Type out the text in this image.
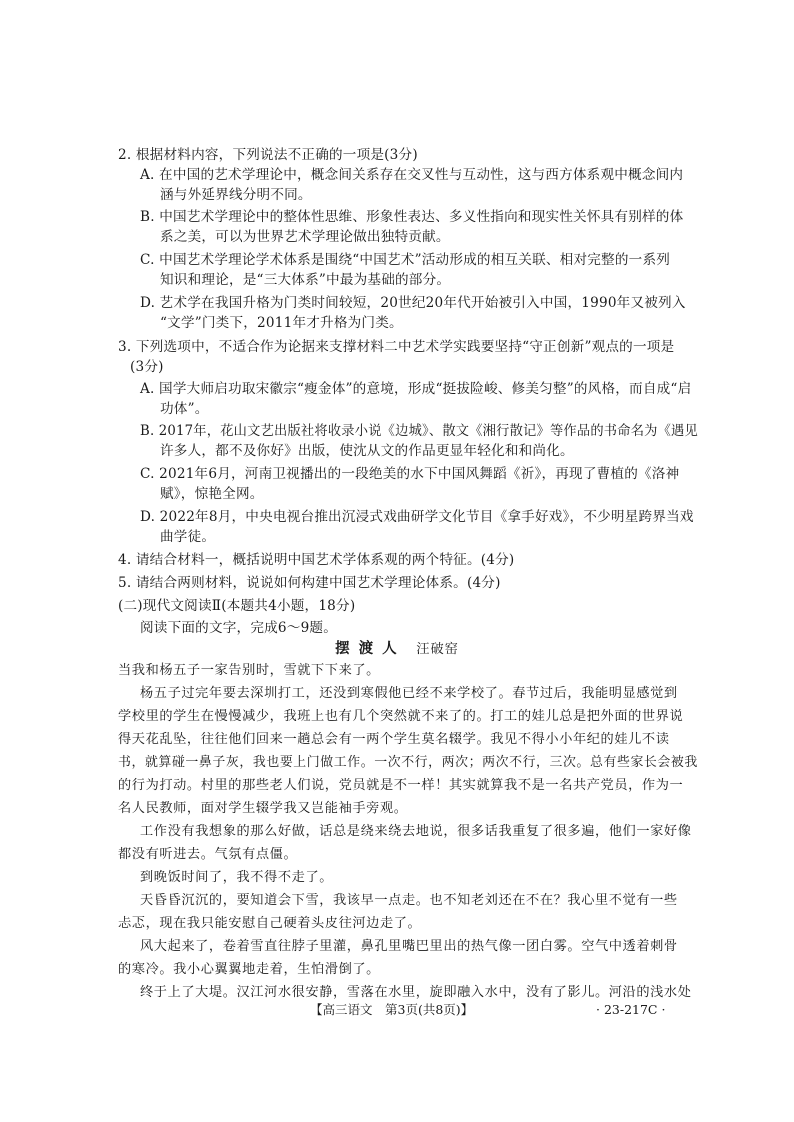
2. 根据材料内容，下列说法不正确的一项是(3分)
A. 在中国的艺术学理论中，概念间关系存在交叉性与互动性，这与西方体系观中概念间内
涵与外延界线分明不同。
B. 中国艺术学理论中的整体性思维、形象性表达、多义性指向和现实性关怀具有别样的体
系之美，可以为世界艺术学理论做出独特贡献。
C. 中国艺术学理论学术体系是围绕“中国艺术”活动形成的相互关联、相对完整的一系列
知识和理论，是“三大体系”中最为基础的部分。
D. 艺术学在我国升格为门类时间较短，20世纪20年代开始被引入中国，1990年又被列入
“文学”门类下，2011年才升格为门类。
3. 下列选项中，不适合作为论据来支撑材料二中艺术学实践要坚持“守正创新”观点的一项是
(3分)
A. 国学大师启功取宋徽宗“瘦金体”的意境，形成“挺拔险峻、修美匀整”的风格，而自成“启
功体”。
B. 2017年，花山文艺出版社将收录小说《边城》、散文《湘行散记》等作品的书命名为《遇见
许多人，都不及你好》出版，使沈从文的作品更显年轻化和和尚化。
C. 2021年6月，河南卫视播出的一段绝美的水下中国风舞蹈《祈》，再现了曹植的《洛神
赋》，惊艳全网。
D. 2022年8月，中央电视台推出沉浸式戏曲研学文化节目《拿手好戏》，不少明星跨界当戏
曲学徒。
4. 请结合材料一，概括说明中国艺术学体系观的两个特征。(4分)
5. 请结合两则材料，说说如何构建中国艺术学理论体系。(4分)
(二)现代文阅读Ⅱ(本题共4小题，18分)
阅读下面的文字，完成6～9题。
摆渡人 汪破窑
当我和杨五子一家告别时，雪就下下来了。
杨五子过完年要去深圳打工，还没到寒假他已经不来学校了。春节过后，我能明显感觉到
学校里的学生在慢慢减少，我班上也有几个突然就不来了的。打工的娃儿总是把外面的世界说
得天花乱坠，往往他们回来一趟总会有一两个学生莫名辍学。我见不得小小年纪的娃儿不读
书，就算碰一鼻子灰，我也要上门做工作。一次不行，两次；两次不行，三次。总有些家长会被我
的行为打动。村里的那些老人们说，党员就是不一样！其实就算我不是一名共产党员，作为一
名人民教师，面对学生辍学我又岂能袖手旁观。
工作没有我想象的那么好做，话总是绕来绕去地说，很多话我重复了很多遍，他们一家好像
都没有听进去。气氛有点僵。
到晚饭时间了，我不得不走了。
天昏昏沉沉的，要知道会下雪，我该早一点走。也不知老刘还在不在？我心里不觉有一些
忐忑，现在我只能安慰自己硬着头皮往河边走了。
风大起来了，卷着雪直往脖子里灌，鼻孔里嘴巴里出的热气像一团白雾。空气中透着刺骨
的寒冷。我小心翼翼地走着，生怕滑倒了。
终于上了大堤。汉江河水很安静，雪落在水里，旋即融入水中，没有了影儿。河沿的浅水处
【高三语文　第3页(共8页)】	· 23-217C ·
